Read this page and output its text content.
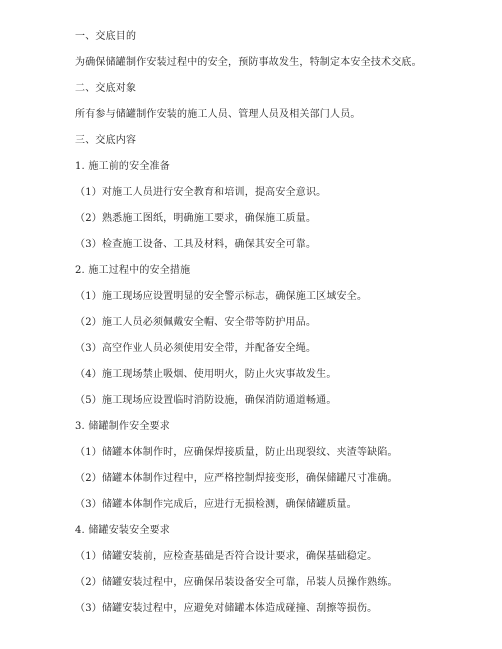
一、交底目的
为确保储罐制作安装过程中的安全，预防事故发生，特制定本安全技术交底。
二、交底对象
所有参与储罐制作安装的施工人员、管理人员及相关部门人员。
三、交底内容
1. 施工前的安全准备
（1）对施工人员进行安全教育和培训，提高安全意识。
（2）熟悉施工图纸，明确施工要求，确保施工质量。
（3）检查施工设备、工具及材料，确保其安全可靠。
2. 施工过程中的安全措施
（1）施工现场应设置明显的安全警示标志，确保施工区域安全。
（2）施工人员必须佩戴安全帽、安全带等防护用品。
（3）高空作业人员必须使用安全带，并配备安全绳。
（4）施工现场禁止吸烟、使用明火，防止火灾事故发生。
（5）施工现场应设置临时消防设施，确保消防通道畅通。
3. 储罐制作安全要求
（1）储罐本体制作时，应确保焊接质量，防止出现裂纹、夹渣等缺陷。
（2）储罐本体制作过程中，应严格控制焊接变形，确保储罐尺寸准确。
（3）储罐本体制作完成后，应进行无损检测，确保储罐质量。
4. 储罐安装安全要求
（1）储罐安装前，应检查基础是否符合设计要求，确保基础稳定。
（2）储罐安装过程中，应确保吊装设备安全可靠，吊装人员操作熟练。
（3）储罐安装过程中，应避免对储罐本体造成碰撞、刮擦等损伤。
